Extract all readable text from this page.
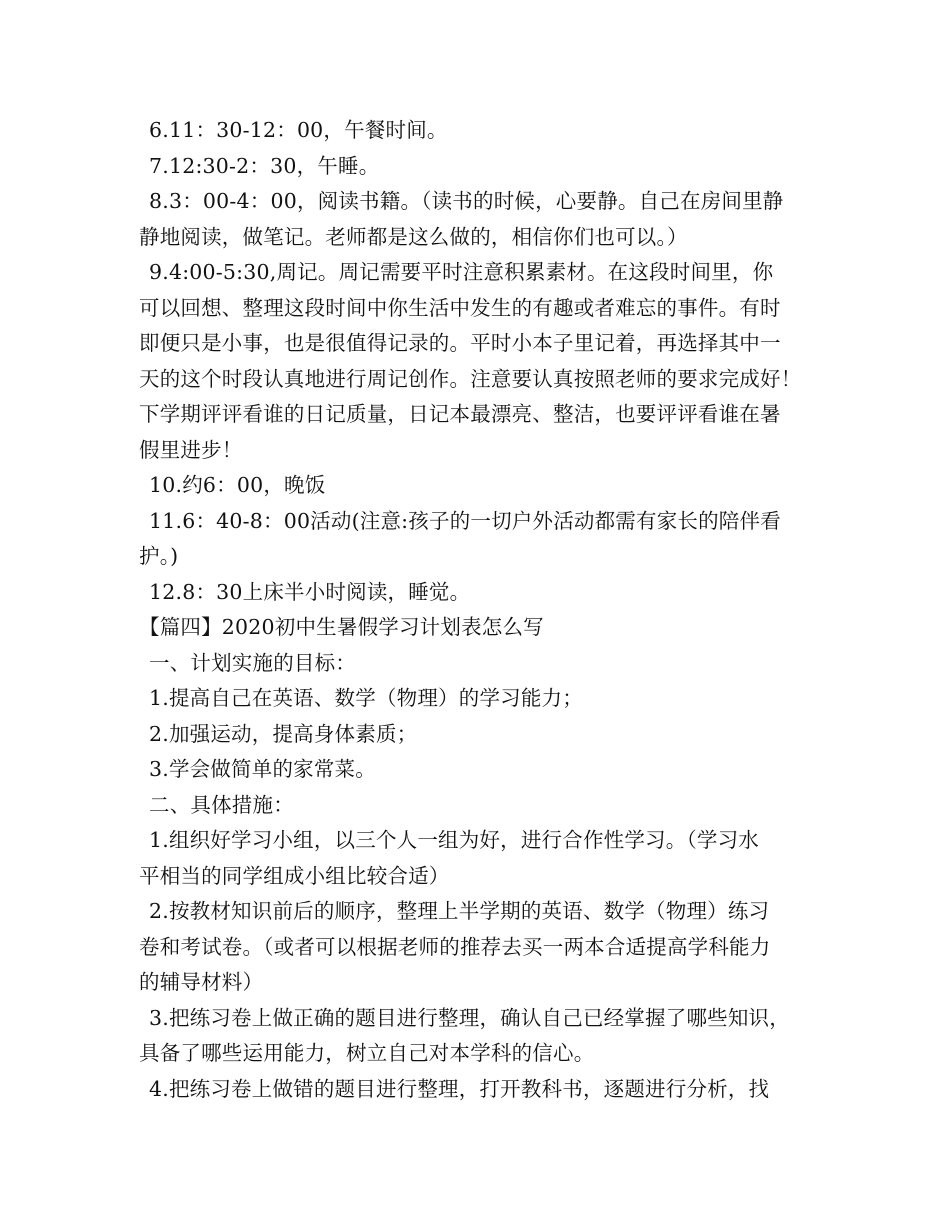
6.11：30-12：00，午餐时间。
7.12:30-2：30，午睡。
8.3：00-4：00，阅读书籍。（读书的时候，心要静。自己在房间里静
静地阅读，做笔记。老师都是这么做的，相信你们也可以。）
9.4:00-5:30,周记。周记需要平时注意积累素材。在这段时间里，你
可以回想、整理这段时间中你生活中发生的有趣或者难忘的事件。有时
即便只是小事，也是很值得记录的。平时小本子里记着，再选择其中一
天的这个时段认真地进行周记创作。注意要认真按照老师的要求完成好！
下学期评评看谁的日记质量，日记本最漂亮、整洁，也要评评看谁在暑
假里进步！
10.约6：00，晚饭
11.6：40-8：00活动(注意:孩子的一切户外活动都需有家长的陪伴看
护。)
12.8：30上床半小时阅读，睡觉。
【篇四】2020初中生暑假学习计划表怎么写
一、计划实施的目标：
1.提高自己在英语、数学（物理）的学习能力；
2.加强运动，提高身体素质；
3.学会做简单的家常菜。
二、具体措施：
1.组织好学习小组，以三个人一组为好，进行合作性学习。（学习水
平相当的同学组成小组比较合适）
2.按教材知识前后的顺序，整理上半学期的英语、数学（物理）练习
卷和考试卷。（或者可以根据老师的推荐去买一两本合适提高学科能力
的辅导材料）
3.把练习卷上做正确的题目进行整理，确认自己已经掌握了哪些知识，
具备了哪些运用能力，树立自己对本学科的信心。
4.把练习卷上做错的题目进行整理，打开教科书，逐题进行分析，找
